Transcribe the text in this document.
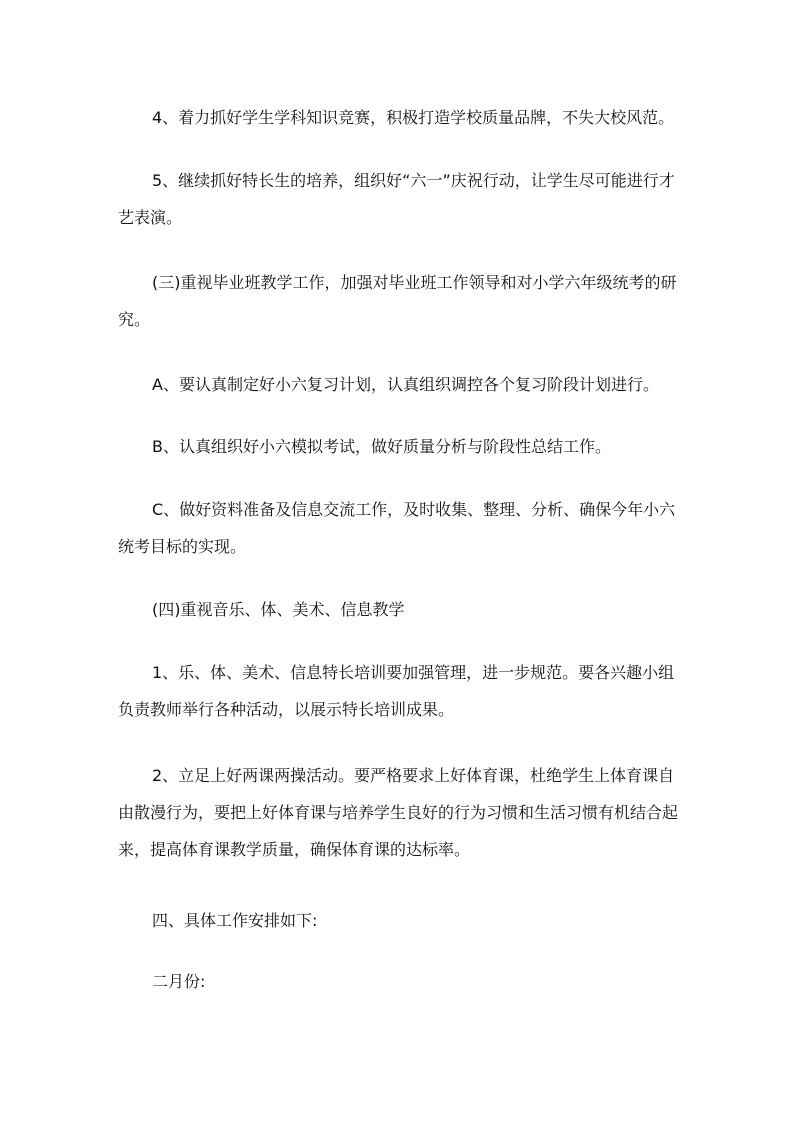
4、着力抓好学生学科知识竞赛，积极打造学校质量品牌，不失大校风范。

5、继续抓好特长生的培养，组织好“六一”庆祝行动，让学生尽可能进行才艺表演。

(三)重视毕业班教学工作，加强对毕业班工作领导和对小学六年级统考的研究。

A、要认真制定好小六复习计划，认真组织调控各个复习阶段计划进行。

B、认真组织好小六模拟考试，做好质量分析与阶段性总结工作。

C、做好资料准备及信息交流工作，及时收集、整理、分析、确保今年小六统考目标的实现。

(四)重视音乐、体、美术、信息教学

1、乐、体、美术、信息特长培训要加强管理，进一步规范。要各兴趣小组负责教师举行各种活动，以展示特长培训成果。

2、立足上好两课两操活动。要严格要求上好体育课，杜绝学生上体育课自由散漫行为，要把上好体育课与培养学生良好的行为习惯和生活习惯有机结合起来，提高体育课教学质量，确保体育课的达标率。

四、具体工作安排如下:

二月份:
